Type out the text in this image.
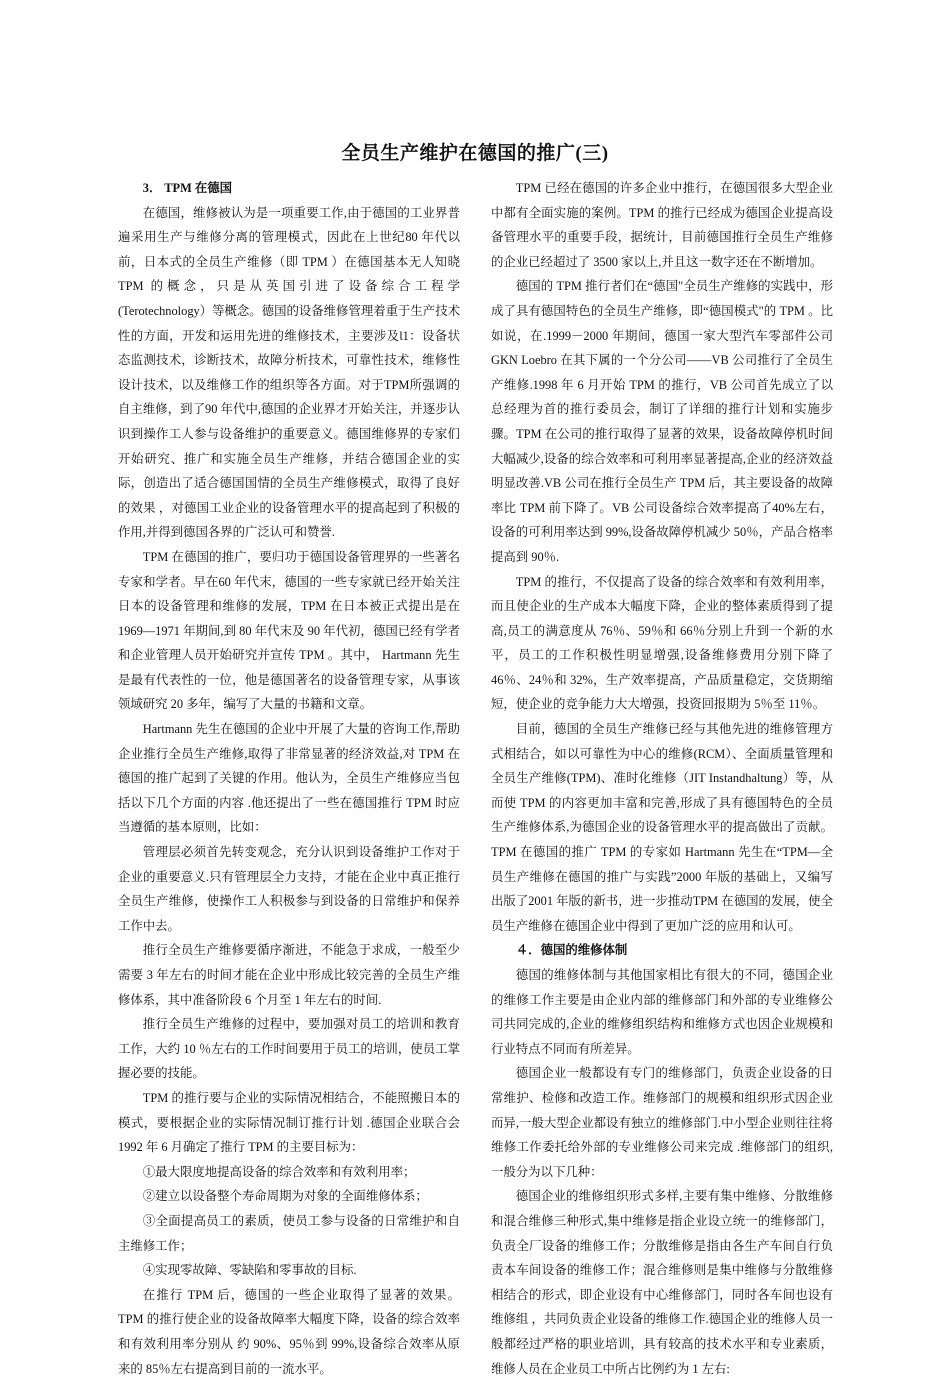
全员生产维护在德国的推广(三)
3． TPM 在德国

在德国，维修被认为是一项重要工作,由于德国的工业界普遍采用生产与维修分离的管理模式，因此在上世纪80 年代以前，日本式的全员生产维修（即 TPM ）在德国基本无人知晓 TPM 的概念，只是从英国引进了设备综合工程学(Terotechnology）等概念。德国的设备维修管理着重于生产技术性的方面，开发和运用先进的维修技术，主要涉及Ɩ1：设备状态监测技术，诊断技术，故障分析技术，可靠性技术，维修性设计技术，以及维修工作的组织等各方面。对于TPM所强调的自主维修，到了90 年代中,德国的企业界才开始关注，并逐步认识到操作工人参与设备维护的重要意义。德国维修界的专家们开始研究、推广和实施全员生产维修，并结合德国企业的实际，创造出了适合德国国情的全员生产维修模式，取得了良好的效果 ，对德国工业企业的设备管理水平的提高起到了积极的作用,并得到德国各界的广泛认可和赞誉.

TPM 在德国的推广，要归功于德国设备管理界的一些著名专家和学者。早在60 年代末，德国的一些专家就已经开始关注日本的设备管理和维修的发展，TPM 在日本被正式提出是在 1969—1971 年期间,到 80 年代末及 90 年代初，德国已经有学者和企业管理人员开始研究并宣传 TPM 。其中， Hartmann 先生是最有代表性的一位，他是德国著名的设备管理专家，从事该领域研究 20 多年，编写了大量的书籍和文章。

Hartmann 先生在德国的企业中开展了大量的咨询工作,帮助企业推行全员生产维修,取得了非常显著的经济效益,对 TPM 在德国的推广起到了关键的作用。他认为，全员生产维修应当包括以下几个方面的内容 .他还提出了一些在德国推行 TPM 时应当遵循的基本原则，比如：

管理层必须首先转变观念，充分认识到设备维护工作对于企业的重要意义.只有管理层全力支持，才能在企业中真正推行全员生产维修，使操作工人积极参与到设备的日常维护和保养工作中去。

推行全员生产维修要循序渐进，不能急于求成，一般至少需要 3 年左右的时间才能在企业中形成比较完善的全员生产维修体系，其中准备阶段 6 个月至 1 年左右的时间.

推行全员生产维修的过程中，要加强对员工的培训和教育工作，大约 10 ％左右的工作时间要用于员工的培训，使员工掌握必要的技能。

TPM 的推行要与企业的实际情况相结合，不能照搬日本的模式，要根据企业的实际情况制订推行计划 .德国企业联合会1992 年 6 月确定了推行 TPM 的主要目标为：

①最大限度地提高设备的综合效率和有效利用率；

②建立以设备整个寿命周期为对象的全面维修体系；

③全面提高员工的素质，使员工参与设备的日常维护和自主维修工作；

④实现零故障、零缺陷和零事故的目标.

在推行 TPM 后，德国的一些企业取得了显著的效果。 TPM 的推行使企业的设备故障率大幅度下降，设备的综合效率和有效利用率分别从 约 90%、95％到 99%,设备综合效率从原来的 85％左右提高到目前的一流水平。

TPM 已经在德国的许多企业中推行，在德国很多大型企业中都有全面实施的案例。TPM 的推行已经成为德国企业提高设备管理水平的重要手段，据统计，目前德国推行全员生产维修的企业已经超过了 3500 家以上,并且这一数字还在不断增加。

德国的 TPM 推行者们在“德国"全员生产维修的实践中，形成了具有德国特色的全员生产维修，即“德国模式"的 TPM 。比如说，在.1999－2000 年期间，德国一家大型汽车零部件公司 GKN Loebro 在其下属的一个分公司——VB 公司推行了全员生产维修.1998 年 6 月开始 TPM 的推行，VB 公司首先成立了以总经理为首的推行委员会，制订了详细的推行计划和实施步骤。TPM 在公司的推行取得了显著的效果，设备故障停机时间大幅减少,设备的综合效率和可利用率显著提高,企业的经济效益明显改善.VB 公司在推行全员生产 TPM 后，其主要设备的故障率比 TPM 前下降了。VB 公司设备综合效率提高了40%左右，设备的可利用率达到 99%,设备故障停机减少 50％，产品合格率提高到 90％.

TPM 的推行，不仅提高了设备的综合效率和有效利用率，而且使企业的生产成本大幅度下降，企业的整体素质得到了提高,员工的满意度从 76％、59％和 66％分别上升到一个新的水平，员工的工作积极性明显增强,设备维修费用分别下降了 46％、24％和 32%，生产效率提高，产品质量稳定，交货期缩短，使企业的竞争能力大大增强，投资回报期为 5％至 11％。

目前，德国的全员生产维修已经与其他先进的维修管理方式相结合，如以可靠性为中心的维修(RCM）、全面质量管理和全员生产维修(TPM)、准时化维修（JIT Instandhaltung）等，从而使 TPM 的内容更加丰富和完善,形成了具有德国特色的全员生产维修体系,为德国企业的设备管理水平的提高做出了贡献。 TPM 在德国的推广 TPM 的专家如 Hartmann 先生在“TPM—全员生产维修在德国的推广与实践”2000 年版的基础上，又编写出版了2001 年版的新书，进一步推动TPM 在德国的发展，使全员生产维修在德国企业中得到了更加广泛的应用和认可。

４．德国的维修体制

德国的维修体制与其他国家相比有很大的不同，德国企业的维修工作主要是由企业内部的维修部门和外部的专业维修公司共同完成的,企业的维修组织结构和维修方式也因企业规模和行业特点不同而有所差异。

德国企业一般都设有专门的维修部门，负责企业设备的日常维护、检修和改造工作。维修部门的规模和组织形式因企业而异,一般大型企业都设有独立的维修部门.中小型企业则往往将维修工作委托给外部的专业维修公司来完成 .维修部门的组织,一般分为以下几种：

德国企业的维修组织形式多样,主要有集中维修、分散维修和混合维修三种形式,集中维修是指企业设立统一的维修部门，负责全厂设备的维修工作；分散维修是指由各生产车间自行负责本车间设备的维修工作；混合维修则是集中维修与分散维修相结合的形式，即企业设有中心维修部门，同时各车间也设有维修组 ，共同负责企业设备的维修工作.德国企业的维修人员一般都经过严格的职业培训，具有较高的技术水平和专业素质，维修人员在企业员工中所占比例约为 1 左右:
